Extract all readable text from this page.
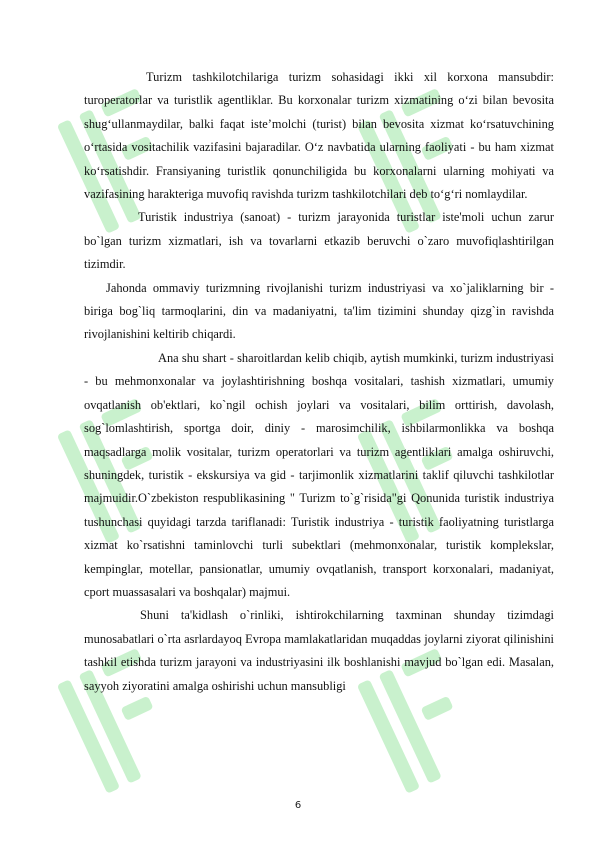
Turizm tashkilotchilariga turizm sohasidagi ikki xil korxona mansubdir: turoperatorlar va turistlik agentliklar. Bu korxonalar turizm xizmatining o‘zi bilan bevosita shug‘ullanmaydilar, balki faqat iste’molchi (turist) bilan bevosita xizmat ko‘rsatuvchining o‘rtasida vositachilik vazifasini bajaradilar. O‘z navbatida ularning faoliyati - bu ham xizmat ko‘rsatishdir. Fransiyaning turistlik qonunchiligida bu korxonalarni ularning mohiyati va vazifasining harakteriga muvofiq ravishda turizm tashkilotchilari deb to‘g‘ri nomlaydilar.

Turistik industriya (sanoat) - turizm jarayonida turistlar iste'moli uchun zarur bo`lgan turizm xizmatlari, ish va tovarlarni etkazib beruvchi o`zaro muvofiqlashtirilgan tizimdir.

Jahonda ommaviy turizmning rivojlanishi turizm industriyasi va xo`jaliklarning bir - biriga bog`liq tarmoqlarini, din va madaniyatni, ta'lim tizimini shunday qizg`in ravishda rivojlanishini keltirib chiqardi.

Ana shu shart - sharoitlardan kelib chiqib, aytish mumkinki, turizm industriyasi - bu mehmonxonalar va joylashtirishning boshqa vositalari, tashish xizmatlari, umumiy ovqatlanish ob'ektlari, ko`ngil ochish joylari va vositalari, bilim orttirish, davolash, sog`lomlashtirish, sportga doir, diniy - marosimchilik, ishbilarmonlikka va boshqa maqsadlarga molik vositalar, turizm operatorlari va turizm agentliklari amalga oshiruvchi, shuningdek, turistik - ekskursiya va gid - tarjimonlik xizmatlarini taklif qiluvchi tashkilotlar majmuidir.O`zbekiston respublikasining " Turizm to`g`risida"gi Qonunida turistik industriya tushunchasi quyidagi tarzda tariflanadi: Turistik industriya - turistik faoliyatning turistlarga xizmat ko`rsatishni taminlovchi turli subektlari (mehmonxonalar, turistik komplekslar, kempinglar, motellar, pansionatlar, umumiy ovqatlanish, transport korxonalari, madaniyat, cport muassasalari va boshqalar) majmui.

Shuni ta'kidlash o`rinliki, ishtirokchilarning taxminan shunday tizimdagi munosabatlari o`rta asrlardayoq Evropa mamlakatlaridan muqaddas joylarni ziyorat qilinishini tashkil etishda turizm jarayoni va industriyasini ilk boshlanishi mavjud bo`lgan edi. Masalan, sayyoh ziyoratini amalga oshirishi uchun mansubligi

6
